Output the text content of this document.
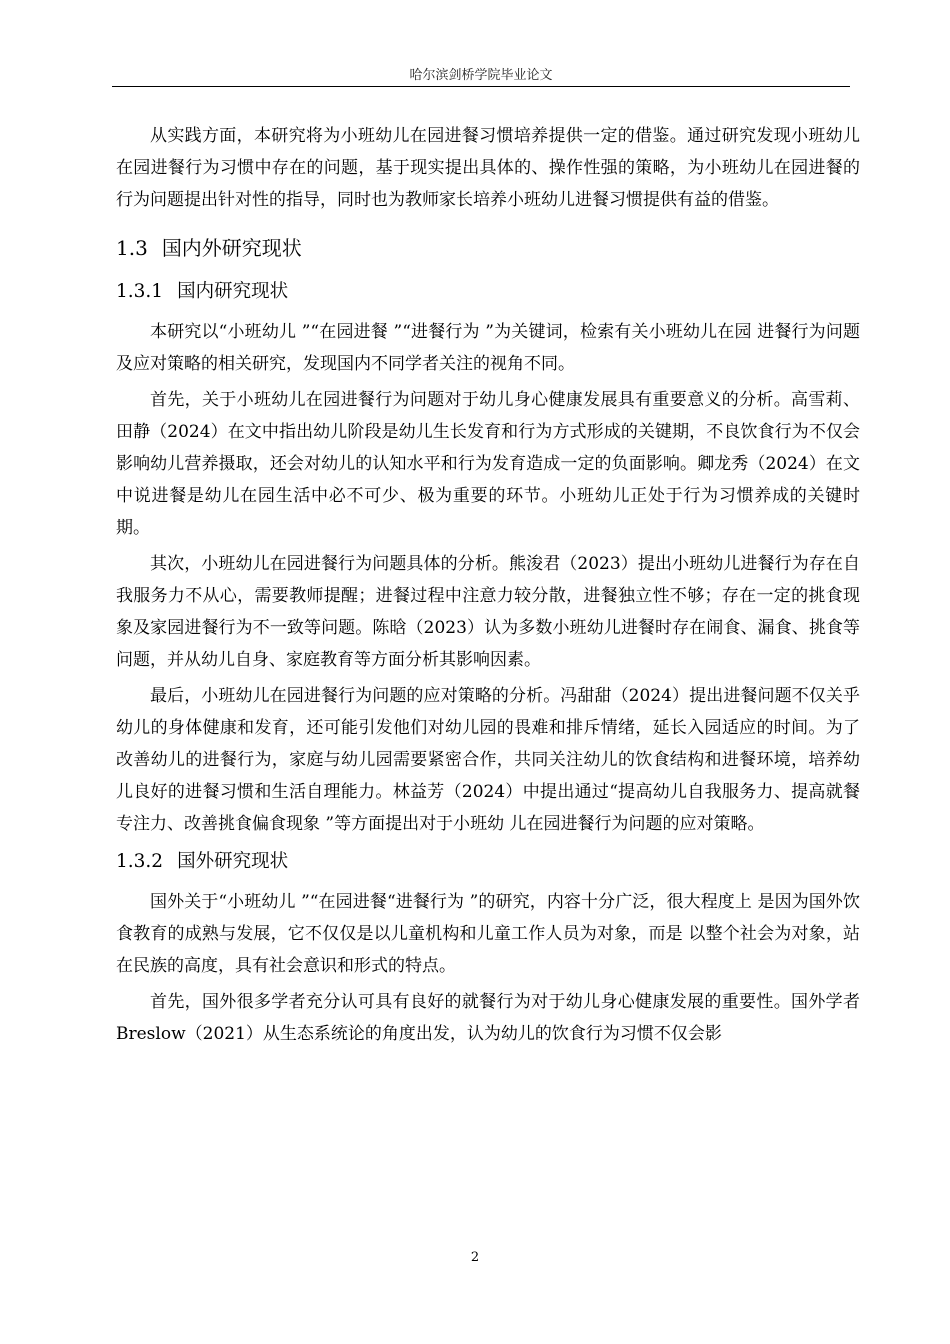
哈尔滨剑桥学院毕业论文

从实践方面，本研究将为小班幼儿在园进餐习惯培养提供一定的借鉴。通过研究发现小班幼儿在园进餐行为习惯中存在的问题，基于现实提出具体的、操作性强的策略，为小班幼儿在园进餐的行为问题提出针对性的指导，同时也为教师家长培养小班幼儿进餐习惯提供有益的借鉴。

1.3 国内外研究现状
1.3.1 国内研究现状

本研究以“小班幼儿 ”“在园进餐 ”“进餐行为 ”为关键词，检索有关小班幼儿在园 进餐行为问题及应对策略的相关研究，发现国内不同学者关注的视角不同。

首先，关于小班幼儿在园进餐行为问题对于幼儿身心健康发展具有重要意义的分析。高雪莉、田静（2024）在文中指出幼儿阶段是幼儿生长发育和行为方式形成的关键期，不良饮食行为不仅会影响幼儿营养摄取，还会对幼儿的认知水平和行为发育造成一定的负面影响。卿龙秀（2024）在文中说进餐是幼儿在园生活中必不可少、极为重要的环节。小班幼儿正处于行为习惯养成的关键时期。

其次，小班幼儿在园进餐行为问题具体的分析。熊浚君（2023）提出小班幼儿进餐行为存在自我服务力不从心，需要教师提醒；进餐过程中注意力较分散，进餐独立性不够；存在一定的挑食现象及家园进餐行为不一致等问题。陈晗（2023）认为多数小班幼儿进餐时存在闹食、漏食、挑食等问题，并从幼儿自身、家庭教育等方面分析其影响因素。

最后，小班幼儿在园进餐行为问题的应对策略的分析。冯甜甜（2024）提出进餐问题不仅关乎幼儿的身体健康和发育，还可能引发他们对幼儿园的畏难和排斥情绪，延长入园适应的时间。为了改善幼儿的进餐行为，家庭与幼儿园需要紧密合作，共同关注幼儿的饮食结构和进餐环境，培养幼儿良好的进餐习惯和生活自理能力。林益芳（2024）中提出通过“提高幼儿自我服务力、提高就餐专注力、改善挑食偏食现象 ”等方面提出对于小班幼 儿在园进餐行为问题的应对策略。

1.3.2 国外研究现状

国外关于“小班幼儿 ”“在园进餐“进餐行为 ”的研究，内容十分广泛，很大程度上 是因为国外饮食教育的成熟与发展，它不仅仅是以儿童机构和儿童工作人员为对象，而是 以整个社会为对象，站在民族的高度，具有社会意识和形式的特点。

首先，国外很多学者充分认可具有良好的就餐行为对于幼儿身心健康发展的重要性。国外学者 Breslow（2021）从生态系统论的角度出发，认为幼儿的饮食行为习惯不仅会影

2
